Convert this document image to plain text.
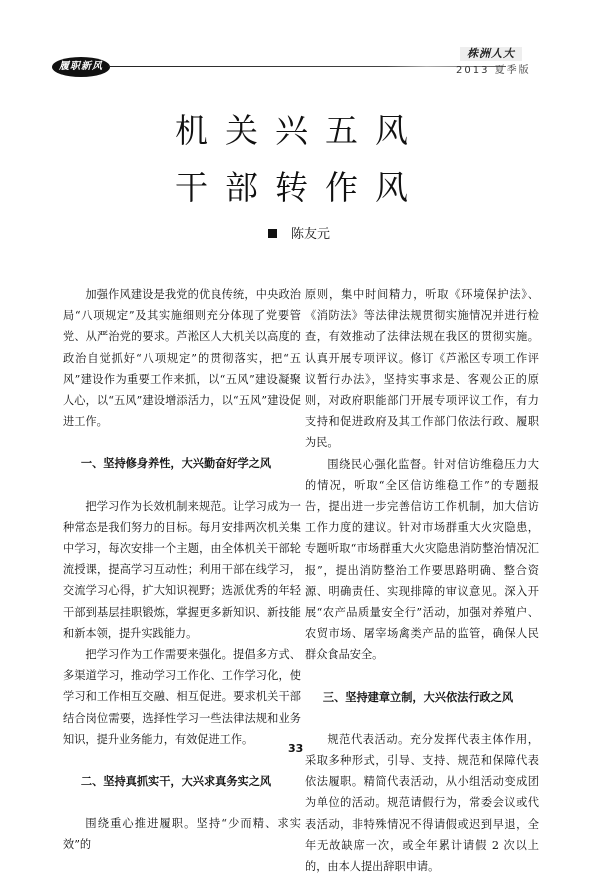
履职新风
株洲人大
2013 夏季版
机关兴五风
干部转作风
陈友元

加强作风建设是我党的优良传统，中央政治局“八项规定”及其实施细则充分体现了党要管党、从严治党的要求。芦淞区人大机关以高度的政治自觉抓好“八项规定”的贯彻落实，把“五风”建设作为重要工作来抓，以“五风”建设凝聚人心，以“五风”建设增添活力，以“五风”建设促进工作。

一、坚持修身养性，大兴勤奋好学之风

把学习作为长效机制来规范。让学习成为一种常态是我们努力的目标。每月安排两次机关集中学习，每次安排一个主题，由全体机关干部轮流授课，提高学习互动性；利用干部在线学习，交流学习心得，扩大知识视野；选派优秀的年轻干部到基层挂职锻炼，掌握更多新知识、新技能和新本领，提升实践能力。

把学习作为工作需要来强化。提倡多方式、多渠道学习，推动学习工作化、工作学习化，使学习和工作相互交融、相互促进。要求机关干部结合岗位需要，选择性学习一些法律法规和业务知识，提升业务能力，有效促进工作。

二、坚持真抓实干，大兴求真务实之风

围绕重心推进履职。坚持“少而精、求实效”的

原则，集中时间精力，听取《环境保护法》、《消防法》等法律法规贯彻实施情况并进行检查，有效推动了法律法规在我区的贯彻实施。认真开展专项评议。修订《芦淞区专项工作评议暂行办法》，坚持实事求是、客观公正的原则，对政府职能部门开展专项评议工作，有力支持和促进政府及其工作部门依法行政、履职为民。

围绕民心强化监督。针对信访维稳压力大的情况，听取“全区信访维稳工作”的专题报告，提出进一步完善信访工作机制，加大信访工作力度的建议。针对市场群重大火灾隐患，专题听取“市场群重大火灾隐患消防整治情况汇报”，提出消防整治工作要思路明确、整合资源、明确责任、实现排障的审议意见。深入开展“农产品质量安全行”活动，加强对养殖户、农贸市场、屠宰场禽类产品的监管，确保人民群众食品安全。

三、坚持建章立制，大兴依法行政之风

规范代表活动。充分发挥代表主体作用，采取多种形式，引导、支持、规范和保障代表依法履职。精简代表活动，从小组活动变成团为单位的活动。规范请假行为，常委会议或代表活动，非特殊情况不得请假或迟到早退，全年无故缺席一次，或全年累计请假 2 次以上的，由本人提出辞职申请。

33
